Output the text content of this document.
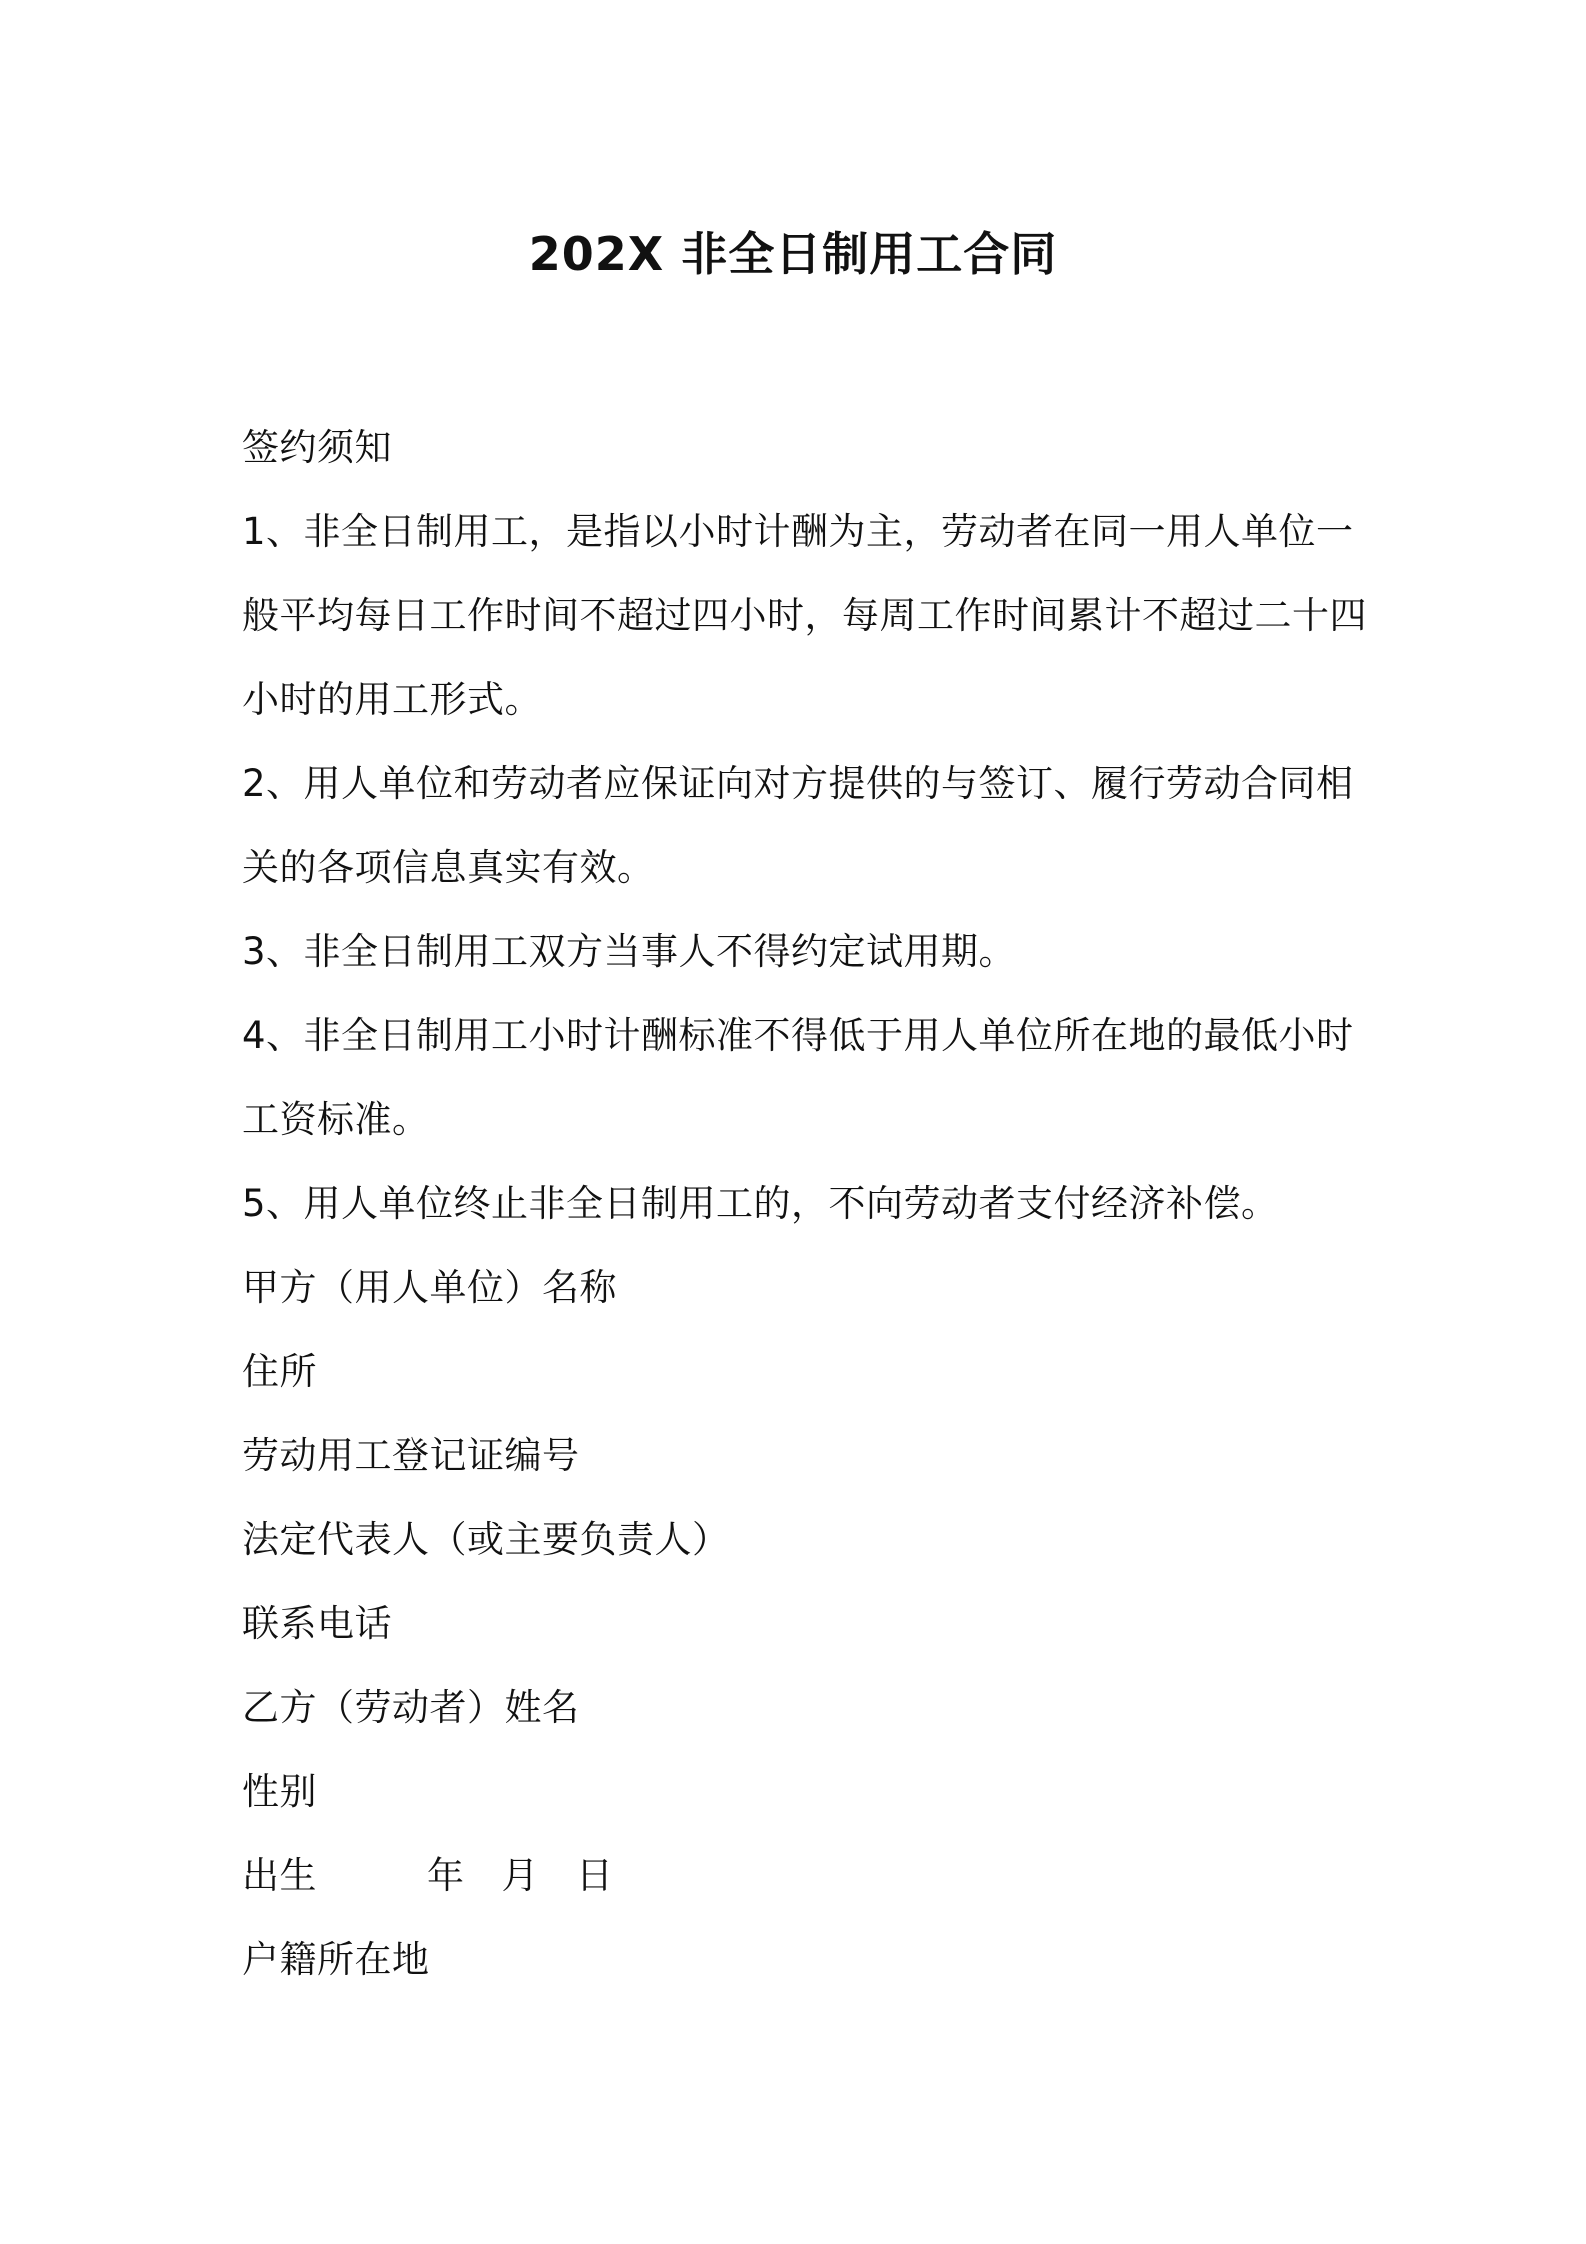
202X 非全日制用工合同
签约须知
1、非全日制用工，是指以小时计酬为主，劳动者在同一用人单位一
般平均每日工作时间不超过四小时，每周工作时间累计不超过二十四
小时的用工形式。
2、用人单位和劳动者应保证向对方提供的与签订、履行劳动合同相
关的各项信息真实有效。
3、非全日制用工双方当事人不得约定试用期。
4、非全日制用工小时计酬标准不得低于用人单位所在地的最低小时
工资标准。
5、用人单位终止非全日制用工的，不向劳动者支付经济补偿。
甲方（用人单位）名称
住所
劳动用工登记证编号
法定代表人（或主要负责人）
联系电话
乙方（劳动者）姓名
性别
出生	年 月 日
户籍所在地
